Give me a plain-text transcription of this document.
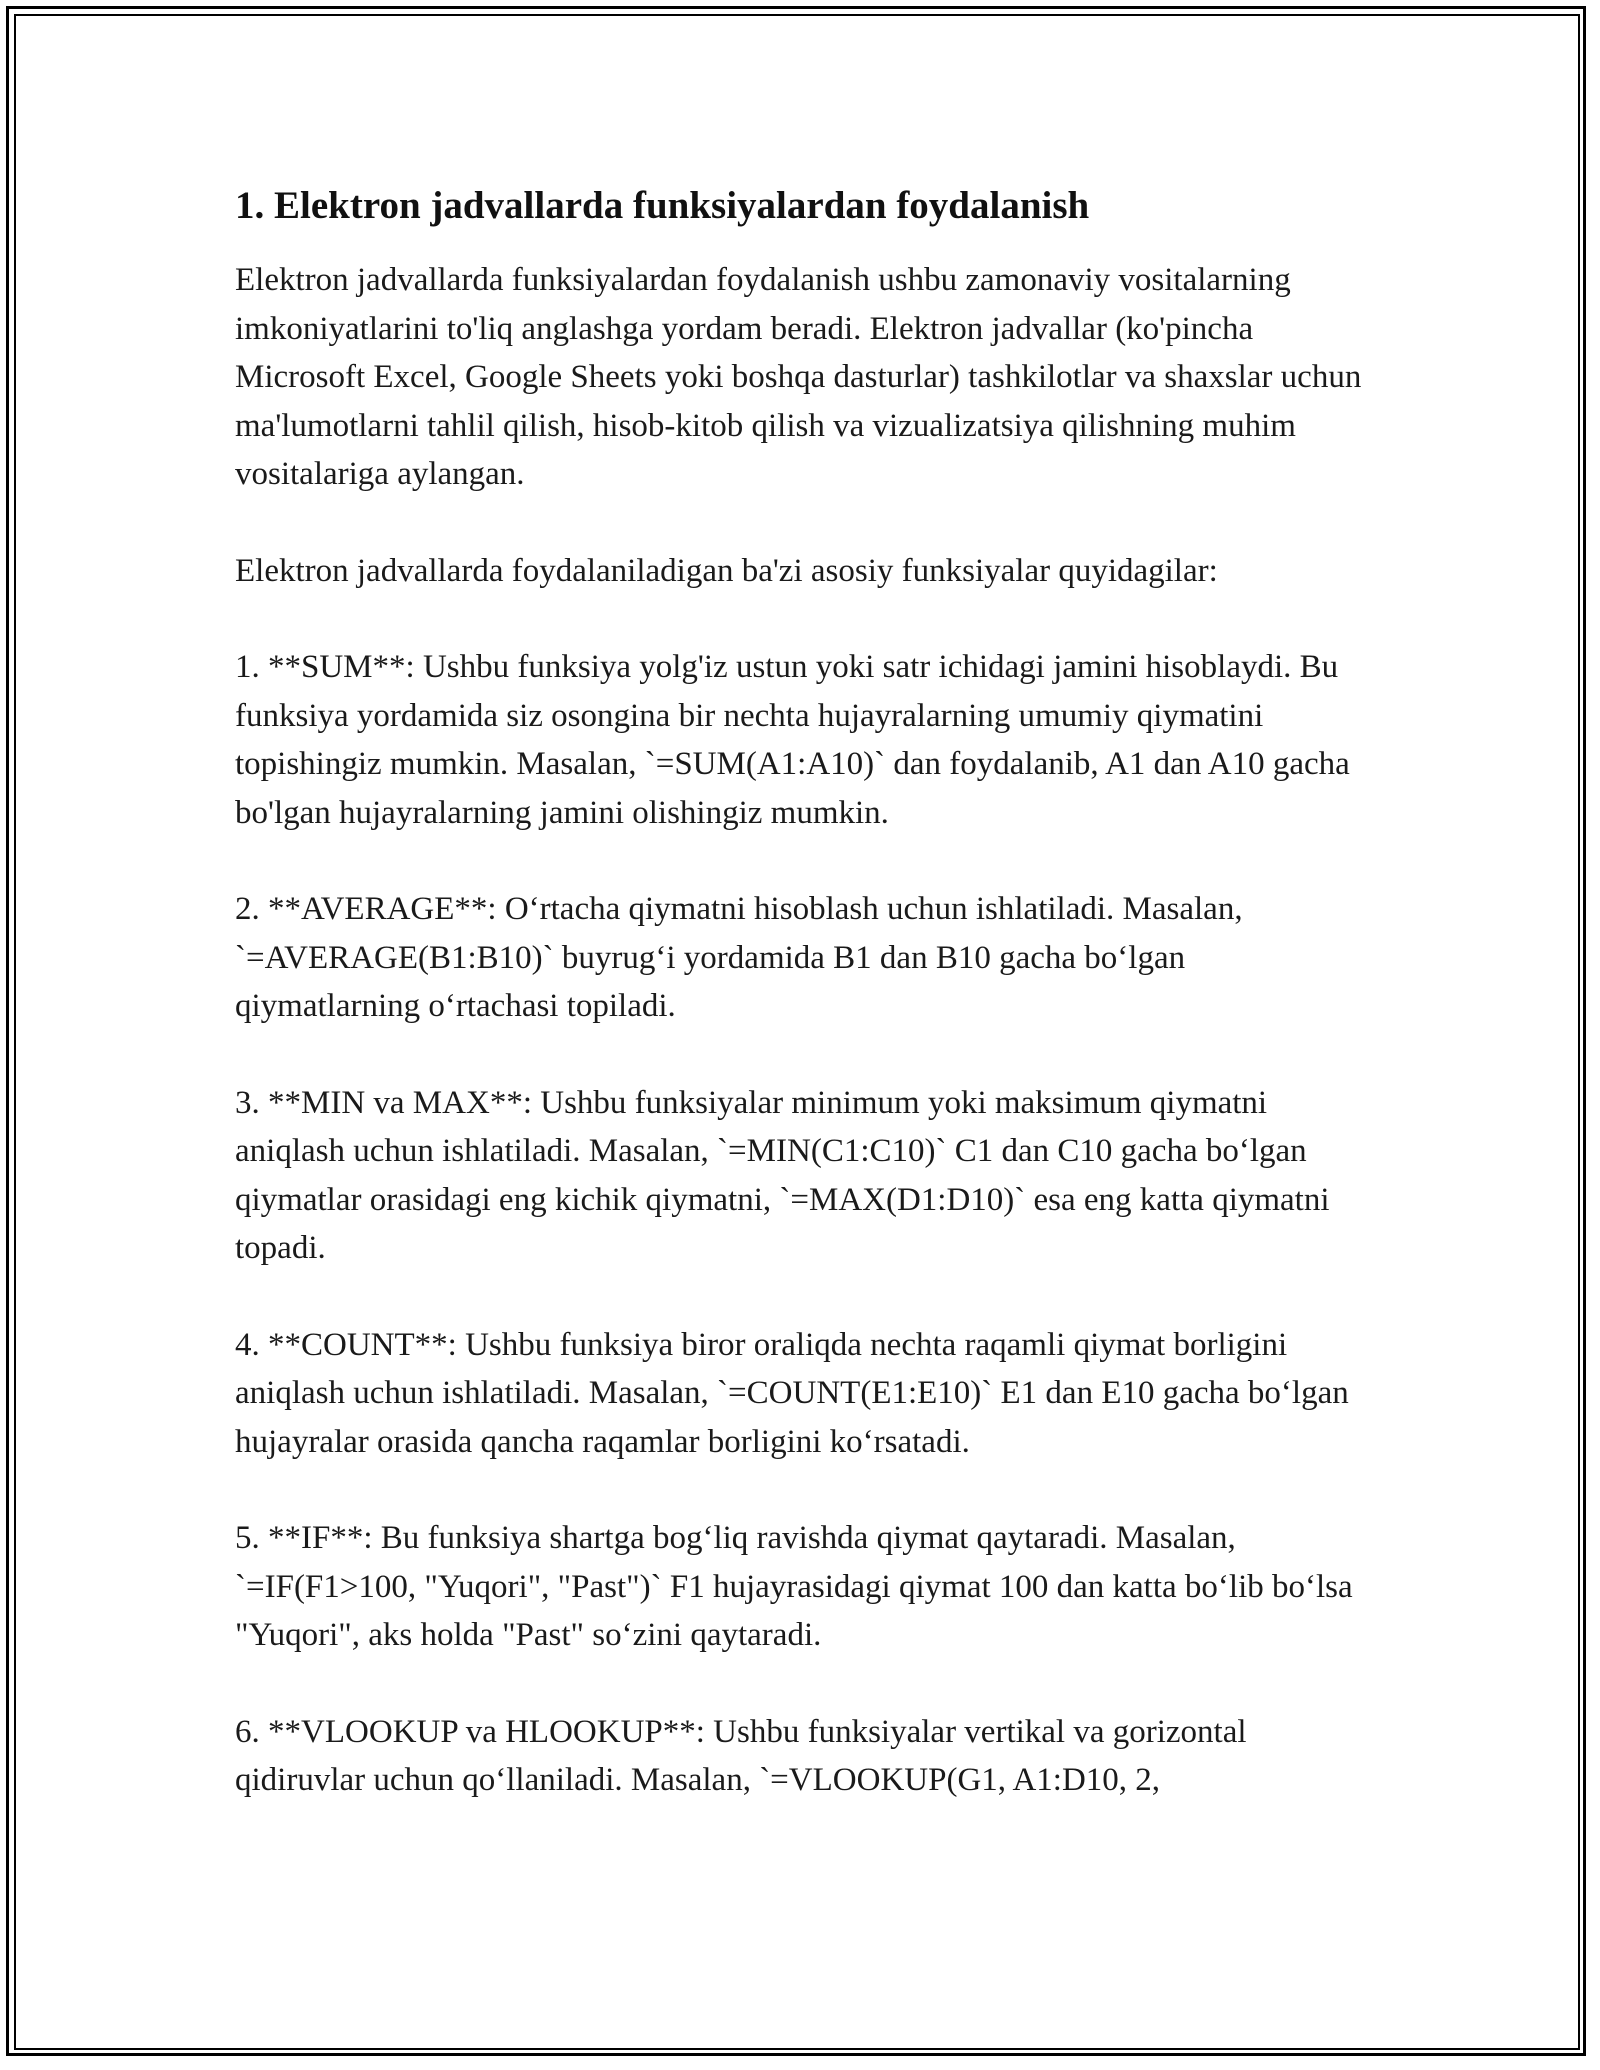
1. Elektron jadvallarda funksiyalardan foydalanish

Elektron jadvallarda funksiyalardan foydalanish ushbu zamonaviy vositalarning imkoniyatlarini to'liq anglashga yordam beradi. Elektron jadvallar (ko'pincha Microsoft Excel, Google Sheets yoki boshqa dasturlar) tashkilotlar va shaxslar uchun ma'lumotlarni tahlil qilish, hisob-kitob qilish va vizualizatsiya qilishning muhim vositalariga aylangan.

Elektron jadvallarda foydalaniladigan ba'zi asosiy funksiyalar quyidagilar:

1. **SUM**: Ushbu funksiya yolg'iz ustun yoki satr ichidagi jamini hisoblaydi. Bu funksiya yordamida siz osongina bir nechta hujayralarning umumiy qiymatini topishingiz mumkin. Masalan, `=SUM(A1:A10)` dan foydalanib, A1 dan A10 gacha bo'lgan hujayralarning jamini olishingiz mumkin.

2. **AVERAGE**: O‘rtacha qiymatni hisoblash uchun ishlatiladi. Masalan, `=AVERAGE(B1:B10)` buyrug‘i yordamida B1 dan B10 gacha bo‘lgan qiymatlarning o‘rtachasi topiladi.

3. **MIN va MAX**: Ushbu funksiyalar minimum yoki maksimum qiymatni aniqlash uchun ishlatiladi. Masalan, `=MIN(C1:C10)` C1 dan C10 gacha bo‘lgan qiymatlar orasidagi eng kichik qiymatni, `=MAX(D1:D10)` esa eng katta qiymatni topadi.

4. **COUNT**: Ushbu funksiya biror oraliqda nechta raqamli qiymat borligini aniqlash uchun ishlatiladi. Masalan, `=COUNT(E1:E10)` E1 dan E10 gacha bo‘lgan hujayralar orasida qancha raqamlar borligini ko‘rsatadi.

5. **IF**: Bu funksiya shartga bog‘liq ravishda qiymat qaytaradi. Masalan, `=IF(F1>100, "Yuqori", "Past")` F1 hujayrasidagi qiymat 100 dan katta bo‘lib bo‘lsa "Yuqori", aks holda "Past" so‘zini qaytaradi.

6. **VLOOKUP va HLOOKUP**: Ushbu funksiyalar vertikal va gorizontal qidiruvlar uchun qo‘llaniladi. Masalan, `=VLOOKUP(G1, A1:D10, 2,
